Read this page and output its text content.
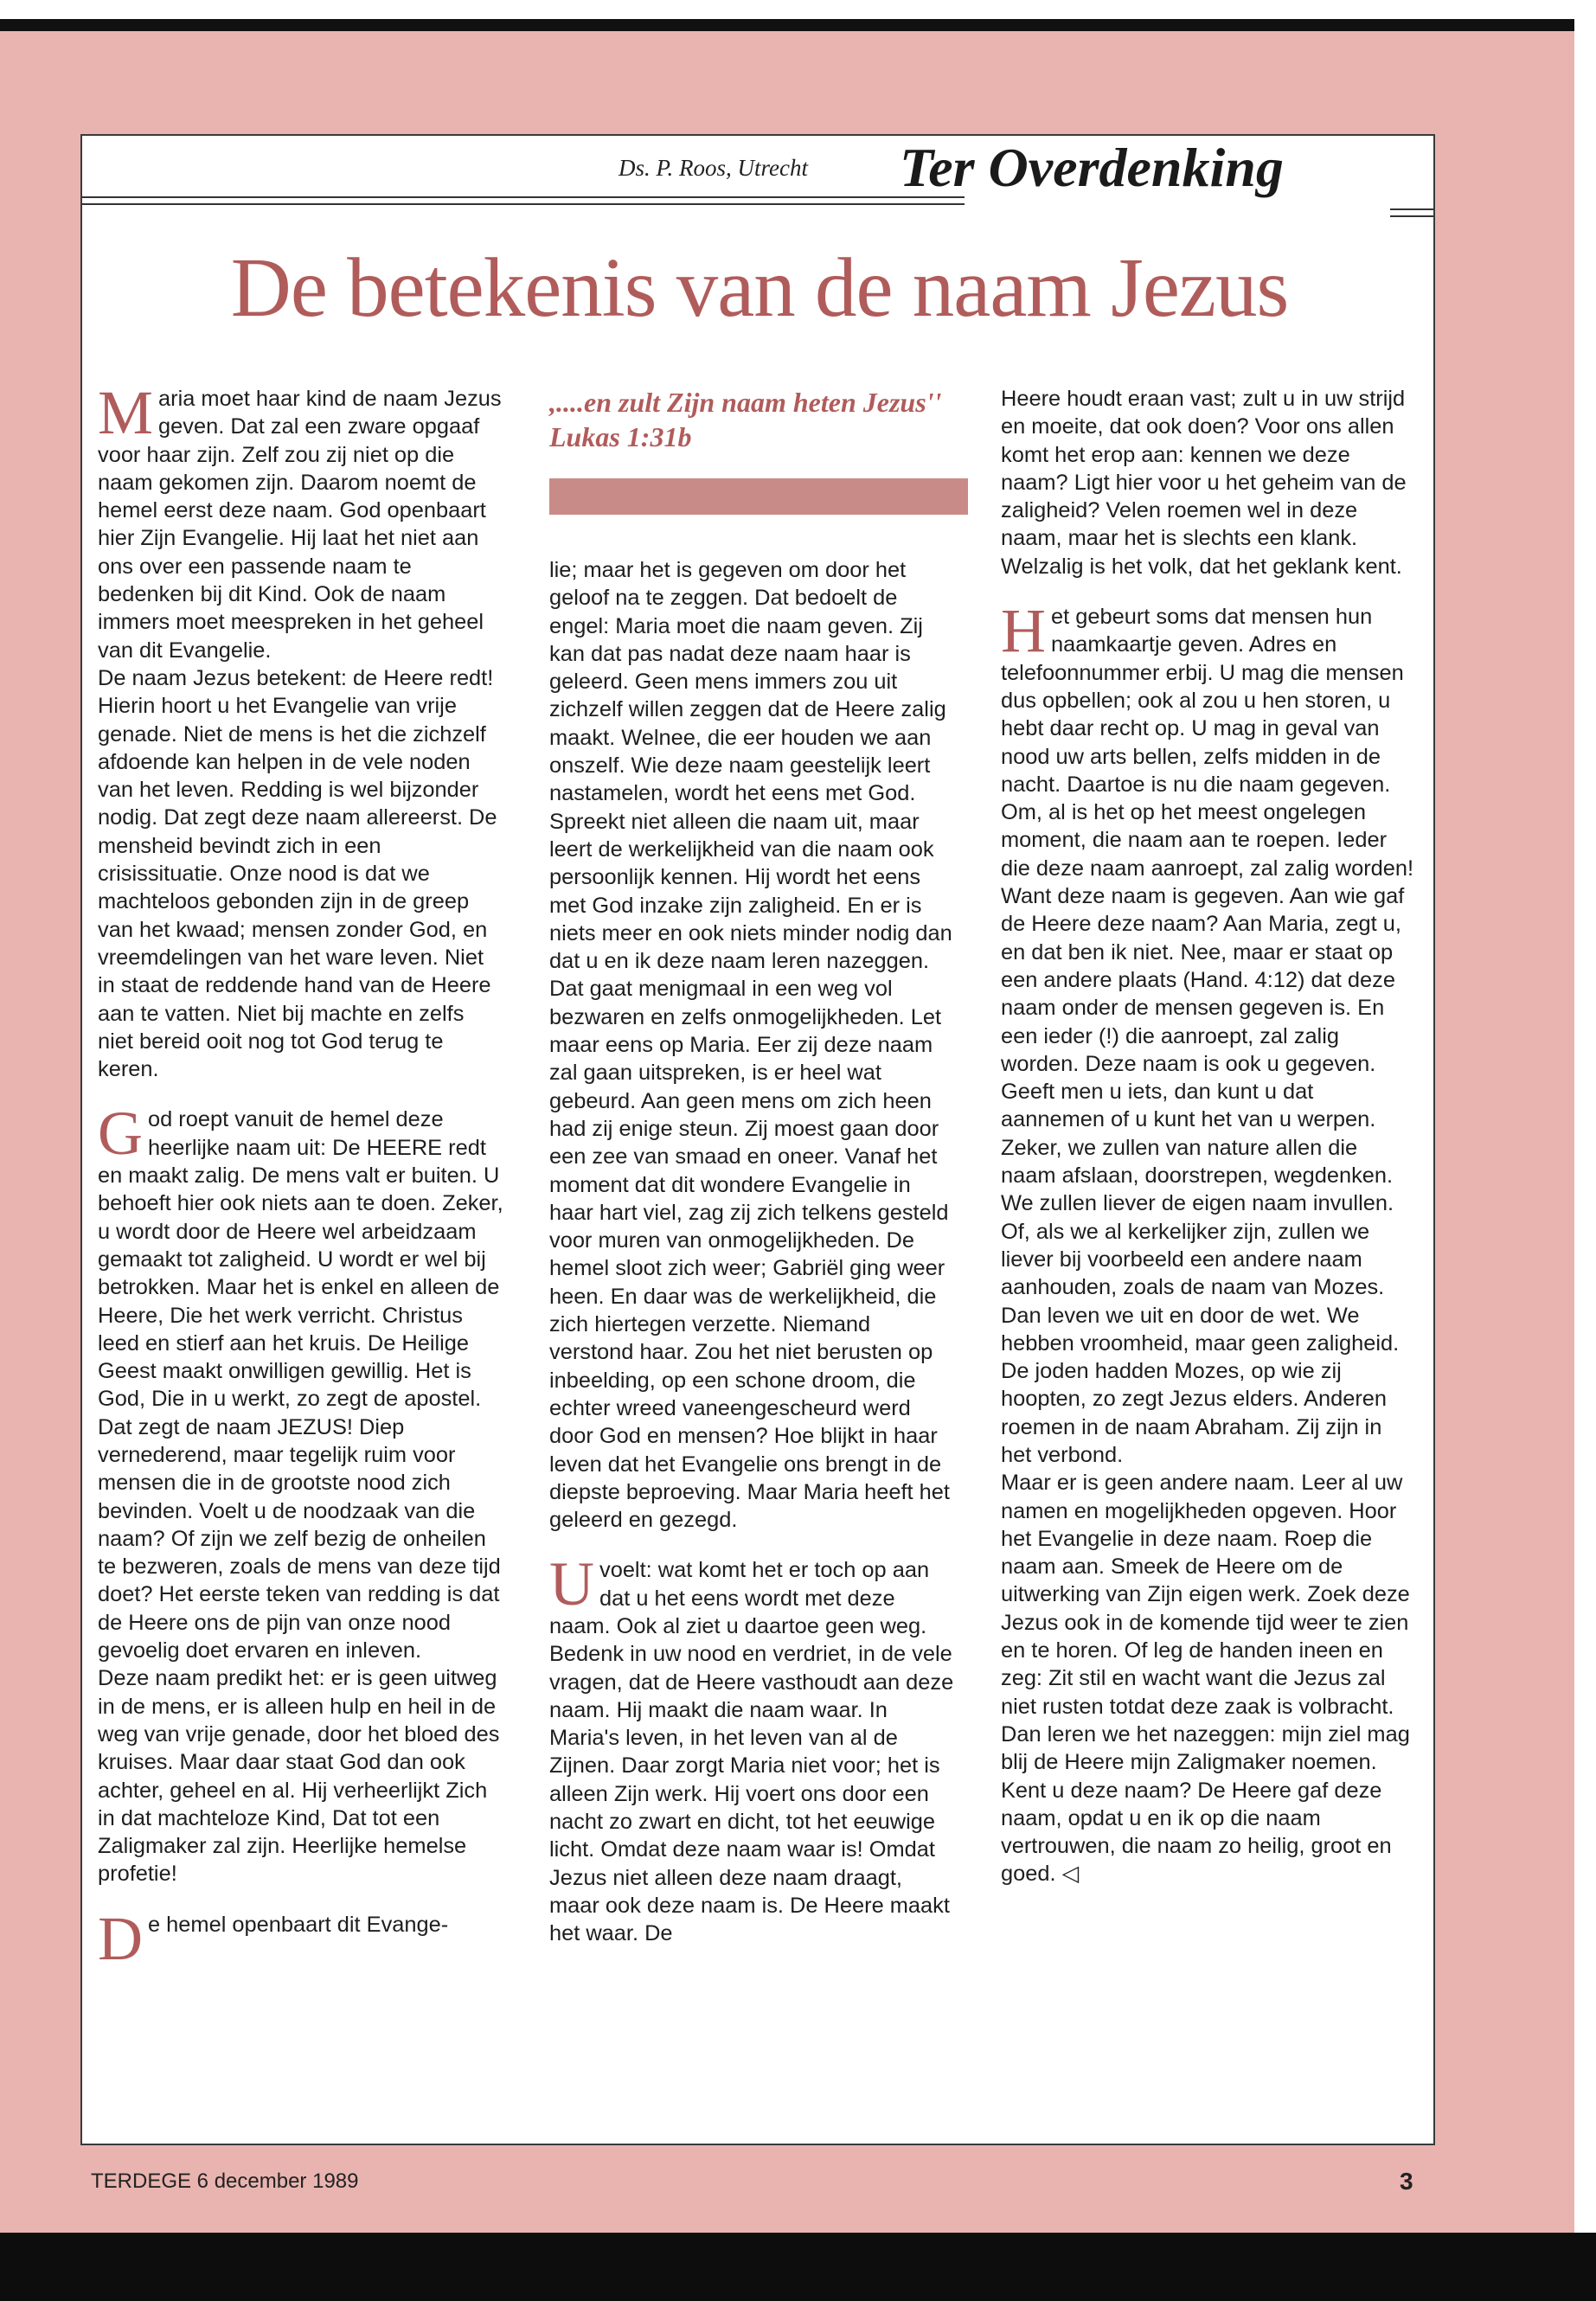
Ds. P. Roos, Utrecht Ter Overdenking
De betekenis van de naam Jezus

Maria moet haar kind de naam Jezus geven. Dat zal een zware opgaaf voor haar zijn. Zelf zou zij niet op die naam gekomen zijn. Daarom noemt de hemel eerst deze naam. God openbaart hier Zijn Evangelie. Hij laat het niet aan ons over een passende naam te bedenken bij dit Kind. Ook de naam immers moet meespreken in het geheel van dit Evangelie.

De naam Jezus betekent: de Heere redt! Hierin hoort u het Evangelie van vrije genade. Niet de mens is het die zichzelf afdoende kan helpen in de vele noden van het leven. Redding is wel bijzonder nodig. Dat zegt deze naam allereerst. De mensheid bevindt zich in een crisissituatie. Onze nood is dat we machteloos gebonden zijn in de greep van het kwaad; mensen zonder God, en vreemdelingen van het ware leven. Niet in staat de reddende hand van de Heere aan te vatten. Niet bij machte en zelfs niet bereid ooit nog tot God terug te keren.

God roept vanuit de hemel deze heerlijke naam uit: De HEERE redt en maakt zalig. De mens valt er buiten. U behoeft hier ook niets aan te doen. Zeker, u wordt door de Heere wel arbeidzaam gemaakt tot zaligheid. U wordt er wel bij betrokken. Maar het is enkel en alleen de Heere, Die het werk verricht. Christus leed en stierf aan het kruis. De Heilige Geest maakt onwilligen gewillig. Het is God, Die in u werkt, zo zegt de apostel. Dat zegt de naam JEZUS! Diep vernederend, maar tegelijk ruim voor mensen die in de grootste nood zich bevinden. Voelt u de noodzaak van die naam? Of zijn we zelf bezig de onheilen te bezweren, zoals de mens van deze tijd doet? Het eerste teken van redding is dat de Heere ons de pijn van onze nood gevoelig doet ervaren en inleven.

Deze naam predikt het: er is geen uitweg in de mens, er is alleen hulp en heil in de weg van vrije genade, door het bloed des kruises. Maar daar staat God dan ook achter, geheel en al. Hij verheerlijkt Zich in dat machteloze Kind, Dat tot een Zaligmaker zal zijn. Heerlijke hemelse profetie!

De hemel openbaart dit Evange-

,....en zult Zijn naam heten Jezus''
Lukas 1:31b

lie; maar het is gegeven om door het geloof na te zeggen. Dat bedoelt de engel: Maria moet die naam geven. Zij kan dat pas nadat deze naam haar is geleerd. Geen mens immers zou uit zichzelf willen zeggen dat de Heere zalig maakt. Welnee, die eer houden we aan onszelf. Wie deze naam geestelijk leert nastamelen, wordt het eens met God. Spreekt niet alleen die naam uit, maar leert de werkelijkheid van die naam ook persoonlijk kennen. Hij wordt het eens met God inzake zijn zaligheid. En er is niets meer en ook niets minder nodig dan dat u en ik deze naam leren nazeggen.

Dat gaat menigmaal in een weg vol bezwaren en zelfs onmogelijkheden. Let maar eens op Maria. Eer zij deze naam zal gaan uitspreken, is er heel wat gebeurd. Aan geen mens om zich heen had zij enige steun. Zij moest gaan door een zee van smaad en oneer. Vanaf het moment dat dit wondere Evangelie in haar hart viel, zag zij zich telkens gesteld voor muren van onmogelijkheden. De hemel sloot zich weer; Gabriël ging weer heen. En daar was de werkelijkheid, die zich hiertegen verzette. Niemand verstond haar. Zou het niet berusten op inbeelding, op een schone droom, die echter wreed vaneengescheurd werd door God en mensen? Hoe blijkt in haar leven dat het Evangelie ons brengt in de diepste beproeving. Maar Maria heeft het geleerd en gezegd.

Uvoelt: wat komt het er toch op aan dat u het eens wordt met deze naam. Ook al ziet u daartoe geen weg. Bedenk in uw nood en verdriet, in de vele vragen, dat de Heere vasthoudt aan deze naam. Hij maakt die naam waar. In Maria's leven, in het leven van al de Zijnen. Daar zorgt Maria niet voor; het is alleen Zijn werk. Hij voert ons door een nacht zo zwart en dicht, tot het eeuwige licht. Omdat deze naam waar is! Omdat Jezus niet alleen deze naam draagt, maar ook deze naam is. De Heere maakt het waar. De

Heere houdt eraan vast; zult u in uw strijd en moeite, dat ook doen? Voor ons allen komt het erop aan: kennen we deze naam? Ligt hier voor u het geheim van de zaligheid? Velen roemen wel in deze naam, maar het is slechts een klank. Welzalig is het volk, dat het geklank kent.

Het gebeurt soms dat mensen hun naamkaartje geven. Adres en telefoonnummer erbij. U mag die mensen dus opbellen; ook al zou u hen storen, u hebt daar recht op. U mag in geval van nood uw arts bellen, zelfs midden in de nacht. Daartoe is nu die naam gegeven. Om, al is het op het meest ongelegen moment, die naam aan te roepen. Ieder die deze naam aanroept, zal zalig worden!

Want deze naam is gegeven. Aan wie gaf de Heere deze naam? Aan Maria, zegt u, en dat ben ik niet. Nee, maar er staat op een andere plaats (Hand. 4:12) dat deze naam onder de mensen gegeven is. En een ieder (!) die aanroept, zal zalig worden. Deze naam is ook u gegeven. Geeft men u iets, dan kunt u dat aannemen of u kunt het van u werpen. Zeker, we zullen van nature allen die naam afslaan, doorstrepen, wegdenken. We zullen liever de eigen naam invullen. Of, als we al kerkelijker zijn, zullen we liever bij voorbeeld een andere naam aanhouden, zoals de naam van Mozes. Dan leven we uit en door de wet. We hebben vroomheid, maar geen zaligheid. De joden hadden Mozes, op wie zij hoopten, zo zegt Jezus elders. Anderen roemen in de naam Abraham. Zij zijn in het verbond.

Maar er is geen andere naam. Leer al uw namen en mogelijkheden opgeven. Hoor het Evangelie in deze naam. Roep die naam aan. Smeek de Heere om de uitwerking van Zijn eigen werk. Zoek deze Jezus ook in de komende tijd weer te zien en te horen. Of leg de handen ineen en zeg: Zit stil en wacht want die Jezus zal niet rusten totdat deze zaak is volbracht. Dan leren we het nazeggen: mijn ziel mag blij de Heere mijn Zaligmaker noemen. Kent u deze naam? De Heere gaf deze naam, opdat u en ik op die naam vertrouwen, die naam zo heilig, groot en goed. ◁

TERDEGE 6 december 1989	3
